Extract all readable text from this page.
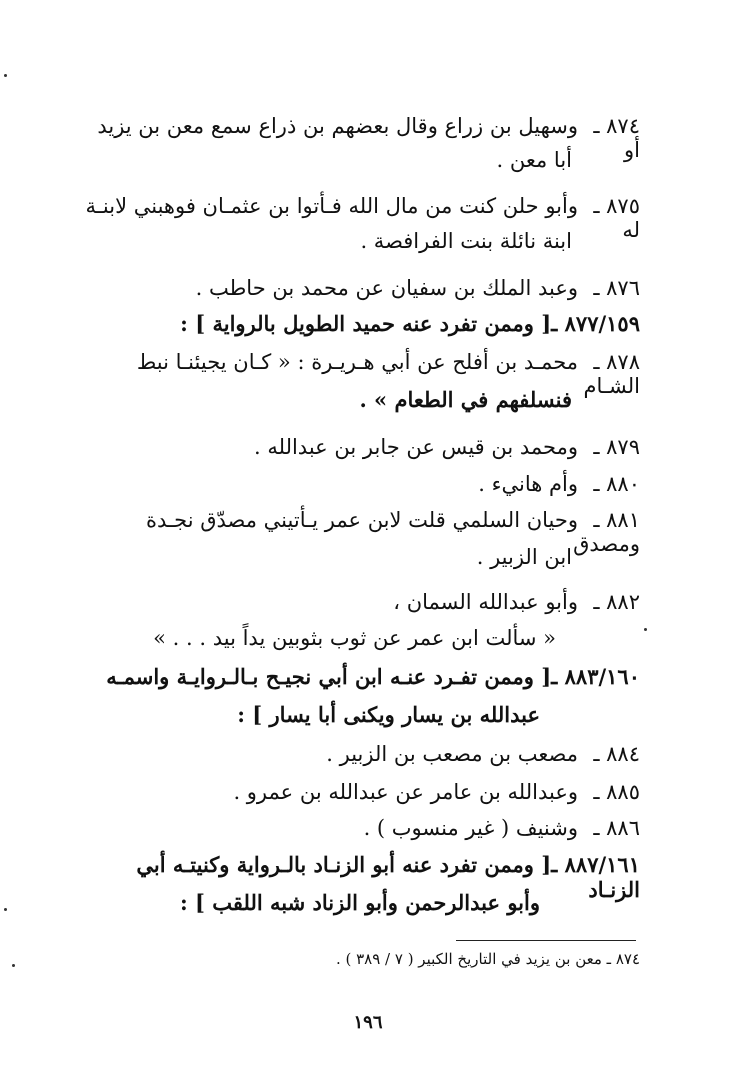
٨٧٤ ـوسهيل بن زراع وقال بعضهم بن ذراع سمع معن بن يزيد أو
أبا معن .
٨٧٥ ـوأبو حلن كنت من مال الله فـأتوا بن عثمـان فوهبني لابنـة له
ابنة نائلة بنت الفرافصة .
٨٧٦ ـوعبد الملك بن سفيان عن محمد بن حاطب .
٨٧٧/١٥٩ ـ[ وممن تفرد عنه حميد الطويل بالرواية ] :
٨٧٨ ـمحمـد بن أفلح عن أبي هـريـرة : « كـان يجيئنـا نبط الشـام
فنسلفهم في الطعام » .
٨٧٩ ـومحمد بن قيس عن جابر بن عبدالله .
٨٨٠ ـوأم هانيء .
٨٨١ ـوحيان السلمي قلت لابن عمر يـأتيني مصدّق نجـدة ومصدق
ابن الزبير .
٨٨٢ ـوأبو عبدالله السمان ،
« سألت ابن عمر عن ثوب بثوبين يداً بيد . . . »
٨٨٣/١٦٠ ـ[ وممن تفـرد عنـه ابن أبي نجيـح بـالـروايـة واسمـه
عبدالله بن يسار ويكنى أبا يسار ] :
٨٨٤ ـمصعب بن مصعب بن الزبير .
٨٨٥ ـوعبدالله بن عامر عن عبدالله بن عمرو .
٨٨٦ ـوشنيف ( غير منسوب ) .
٨٨٧/١٦١ ـ[ وممن تفرد عنه أبو الزنـاد بالـرواية وكنيتـه أبي الزنـاد
وأبو عبدالرحمن وأبو الزناد شبه اللقب ] :
٨٧٤ ـ معن بن يزيد في التاريخ الكبير ( ٧ / ٣٨٩ ) .
١٩٦
